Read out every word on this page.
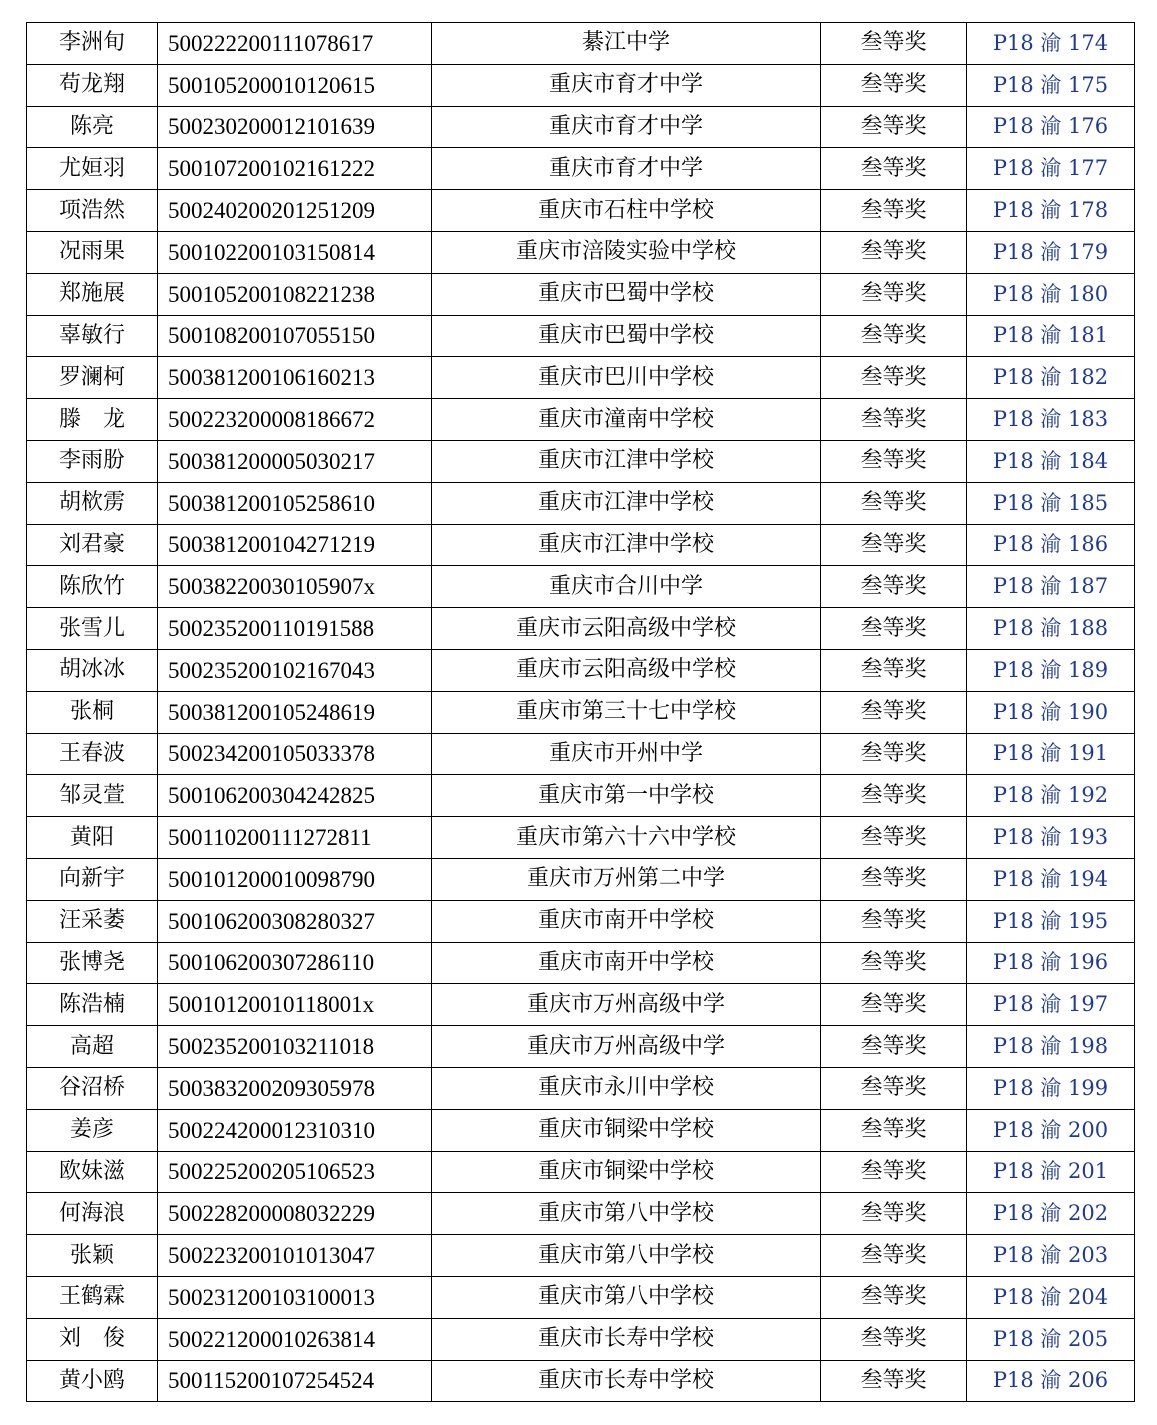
李洲旬	500222200111078617	綦江中学	叁等奖	P18 渝 174
苟龙翔	500105200010120615	重庆市育才中学	叁等奖	P18 渝 175
陈亮	500230200012101639	重庆市育才中学	叁等奖	P18 渝 176
尤姮羽	500107200102161222	重庆市育才中学	叁等奖	P18 渝 177
项浩然	500240200201251209	重庆市石柱中学校	叁等奖	P18 渝 178
况雨果	500102200103150814	重庆市涪陵实验中学校	叁等奖	P18 渝 179
郑施展	500105200108221238	重庆市巴蜀中学校	叁等奖	P18 渝 180
辜敏行	500108200107055150	重庆市巴蜀中学校	叁等奖	P18 渝 181
罗澜柯	500381200106160213	重庆市巴川中学校	叁等奖	P18 渝 182
滕　龙	500223200008186672	重庆市潼南中学校	叁等奖	P18 渝 183
李雨朌	500381200005030217	重庆市江津中学校	叁等奖	P18 渝 184
胡栨雳	500381200105258610	重庆市江津中学校	叁等奖	P18 渝 185
刘君豪	500381200104271219	重庆市江津中学校	叁等奖	P18 渝 186
陈欣竹	50038220030105907x	重庆市合川中学	叁等奖	P18 渝 187
张雪儿	500235200110191588	重庆市云阳高级中学校	叁等奖	P18 渝 188
胡冰冰	500235200102167043	重庆市云阳高级中学校	叁等奖	P18 渝 189
张桐	500381200105248619	重庆市第三十七中学校	叁等奖	P18 渝 190
王春波	500234200105033378	重庆市开州中学	叁等奖	P18 渝 191
邹灵萱	500106200304242825	重庆市第一中学校	叁等奖	P18 渝 192
黄阳	500110200111272811	重庆市第六十六中学校	叁等奖	P18 渝 193
向新宇	500101200010098790	重庆市万州第二中学	叁等奖	P18 渝 194
汪采萎	500106200308280327	重庆市南开中学校	叁等奖	P18 渝 195
张博尧	500106200307286110	重庆市南开中学校	叁等奖	P18 渝 196
陈浩楠	50010120010118001x	重庆市万州高级中学	叁等奖	P18 渝 197
高超	500235200103211018	重庆市万州高级中学	叁等奖	P18 渝 198
谷沼桥	500383200209305978	重庆市永川中学校	叁等奖	P18 渝 199
姜彦	500224200012310310	重庆市铜梁中学校	叁等奖	P18 渝 200
欧妹滋	500225200205106523	重庆市铜梁中学校	叁等奖	P18 渝 201
何海浪	500228200008032229	重庆市第八中学校	叁等奖	P18 渝 202
张颖	500223200101013047	重庆市第八中学校	叁等奖	P18 渝 203
王鹤霖	500231200103100013	重庆市第八中学校	叁等奖	P18 渝 204
刘　俊	500221200010263814	重庆市长寿中学校	叁等奖	P18 渝 205
黄小鸥	500115200107254524	重庆市长寿中学校	叁等奖	P18 渝 206
